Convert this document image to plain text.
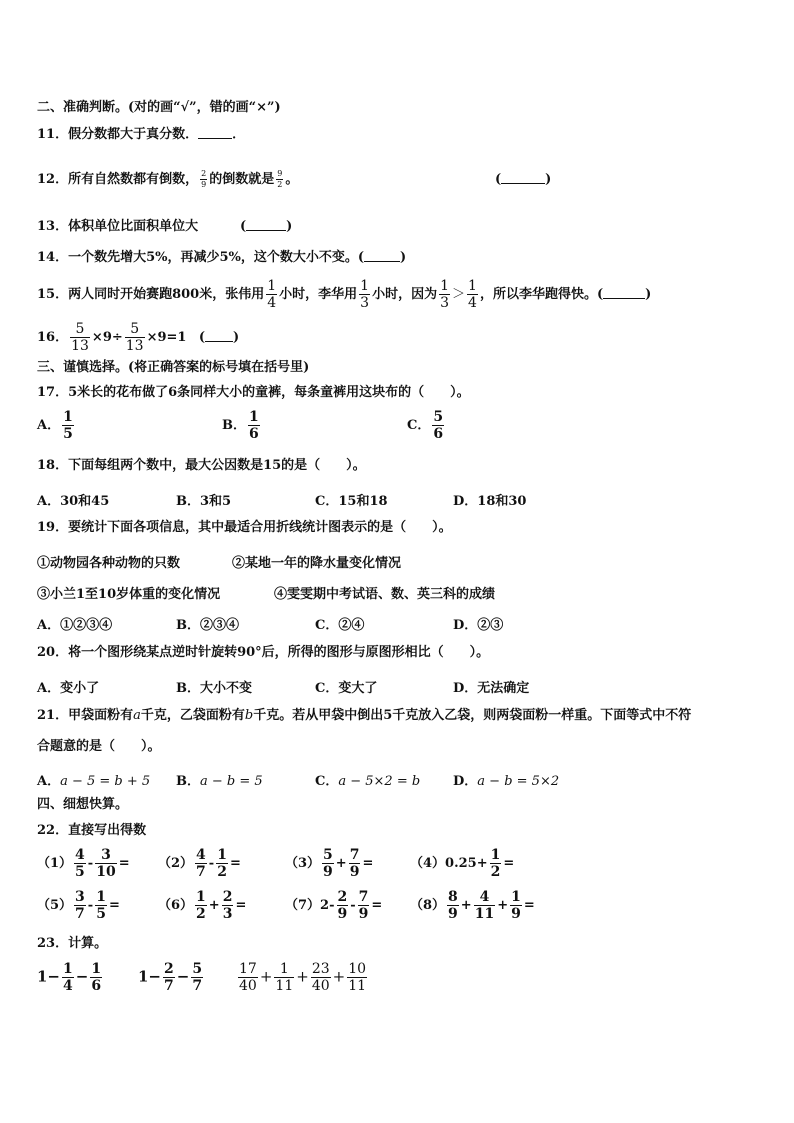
二、准确判断。(对的画“√”，错的画“×”)
11．假分数都大于真分数．	．
12．所有自然数都有倒数， $\frac{2}{9}$ 的倒数就是 $\frac{9}{2}$ 。	(	)
13．体积单位比面积单位大	(	)
14．一个数先增大5%，再减少5%，这个数大小不变。(	)
15．两人同时开始赛跑800米，张伟用 $\frac{1}{4}$ 小时，李华用 $\frac{1}{3}$ 小时，因为 $\frac{1}{3} > \frac{1}{4}$ ，所以李华跑得快。(	)
16． $\frac{5}{13} \times 9\div \frac{5}{13} \times 9=1$ ( )
三、谨慎选择。(将正确答案的标号填在括号里)
17．5米长的花布做了6条同样大小的童裤，每条童裤用这块布的（　　）。
A． $\frac{1}{5}$	B． $\frac{1}{6}$	C． $\frac{5}{6}$
18．下面每组两个数中，最大公因数是15的是（　　）。
A．30和45	B．3和5	C．15和18	D．18和30
19．要统计下面各项信息，其中最适合用折线统计图表示的是（　　）。
①动物园各种动物的只数	②某地一年的降水量变化情况
③小兰1至10岁体重的变化情况	④雯雯期中考试语、数、英三科的成绩
A．①②③④	B．②③④	C．②④	D．②③
20．将一个图形绕某点逆时针旋转90°后，所得的图形与原图形相比（　　）。
A．变小了	B．大小不变	C．变大了	D．无法确定
21．甲袋面粉有a千克，乙袋面粉有b千克。若从甲袋中倒出5千克放入乙袋，则两袋面粉一样重。下面等式中不符
合题意的是（　　）。
A．a − 5 = b + 5 B．a − b = 5	C．a − 5×2 = b	D．a − b = 5×2
四、细想快算。
22．直接写出得数
$(1) \frac{4}{5} - \frac{3}{10} = (2) \frac{4}{7} - \frac{1}{2}$ =	$(3) \frac{5}{9} + \frac{7}{9}$ =	$(4)0.25+ \frac{1}{2}$ =
$(5) \frac{3}{7} - \frac{1}{5}$ =	$(6) \frac{1}{2} + \frac{2}{3}$ =	$(7)2- \frac{2}{9} - \frac{7}{9} = (8) \frac{8}{9} + \frac{4}{11} + \frac{1}{9}$ =
23．计算。
$1- \frac{1}{4} - \frac{1}{6} 1- \frac{2}{7} - \frac{5}{7} \frac{17}{40} + \frac{1}{11} + \frac{23}{40} + \frac{10}{11}$
